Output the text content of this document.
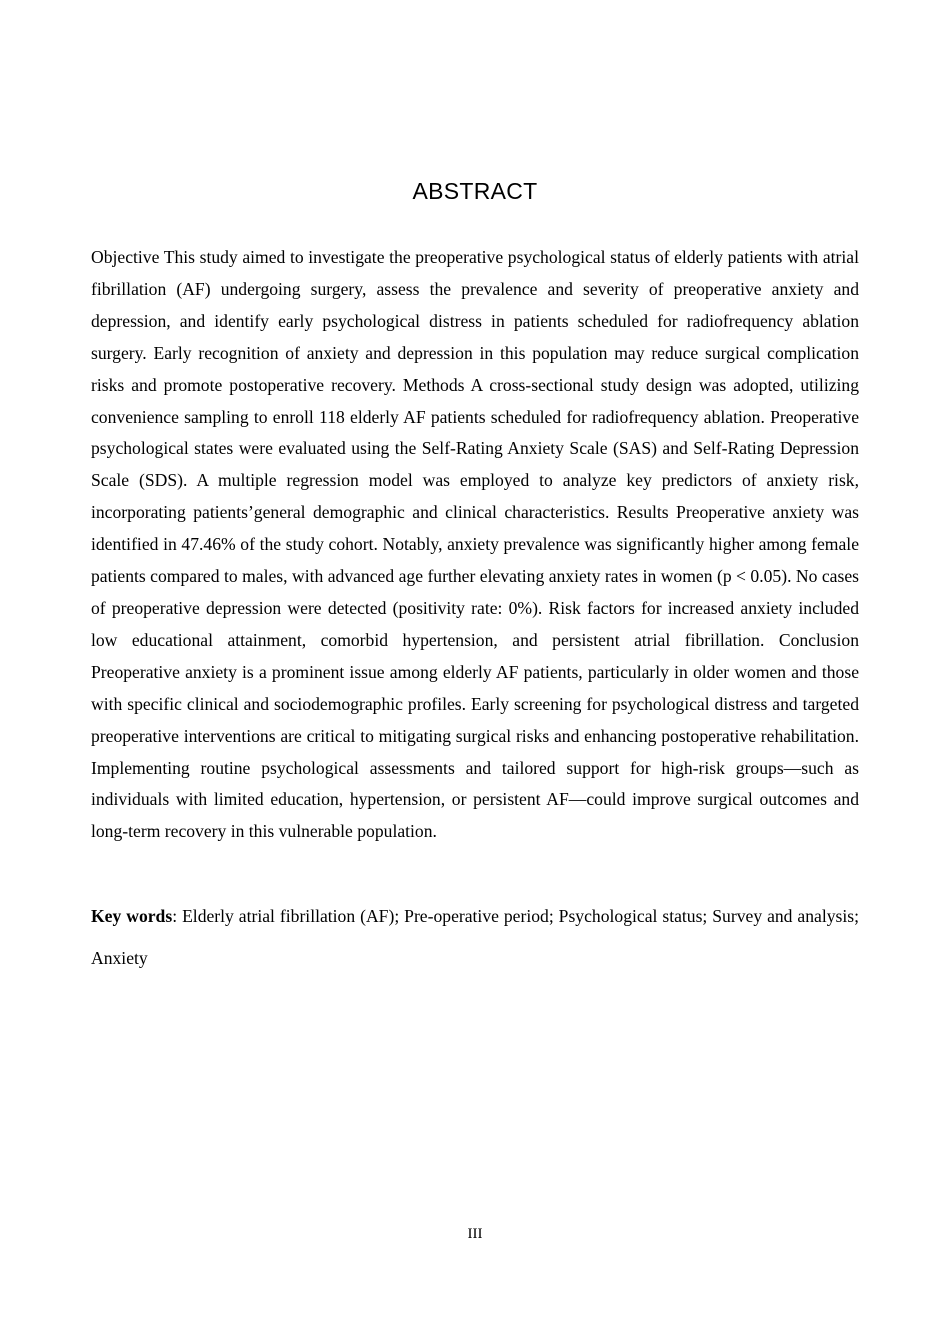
ABSTRACT

Objective This study aimed to investigate the preoperative psychological status of elderly patients with atrial fibrillation (AF) undergoing surgery, assess the prevalence and severity of preoperative anxiety and depression, and identify early psychological distress in patients scheduled for radiofrequency ablation surgery. Early recognition of anxiety and depression in this population may reduce surgical complication risks and promote postoperative recovery. Methods A cross-sectional study design was adopted, utilizing convenience sampling to enroll 118 elderly AF patients scheduled for radiofrequency ablation. Preoperative psychological states were evaluated using the Self-Rating Anxiety Scale (SAS) and Self-Rating Depression Scale (SDS). A multiple regression model was employed to analyze key predictors of anxiety risk, incorporating patients’general demographic and clinical characteristics. Results Preoperative anxiety was identified in 47.46% of the study cohort. Notably, anxiety prevalence was significantly higher among female patients compared to males, with advanced age further elevating anxiety rates in women (p < 0.05). No cases of preoperative depression were detected (positivity rate: 0%). Risk factors for increased anxiety included low educational attainment, comorbid hypertension, and persistent atrial fibrillation. Conclusion Preoperative anxiety is a prominent issue among elderly AF patients, particularly in older women and those with specific clinical and sociodemographic profiles. Early screening for psychological distress and targeted preoperative interventions are critical to mitigating surgical risks and enhancing postoperative rehabilitation. Implementing routine psychological assessments and tailored support for high-risk groups—such as individuals with limited education, hypertension, or persistent AF—could improve surgical outcomes and long-term recovery in this vulnerable population.

Key words: Elderly atrial fibrillation (AF); Pre-operative period; Psychological status; Survey and analysis; Anxiety

III
